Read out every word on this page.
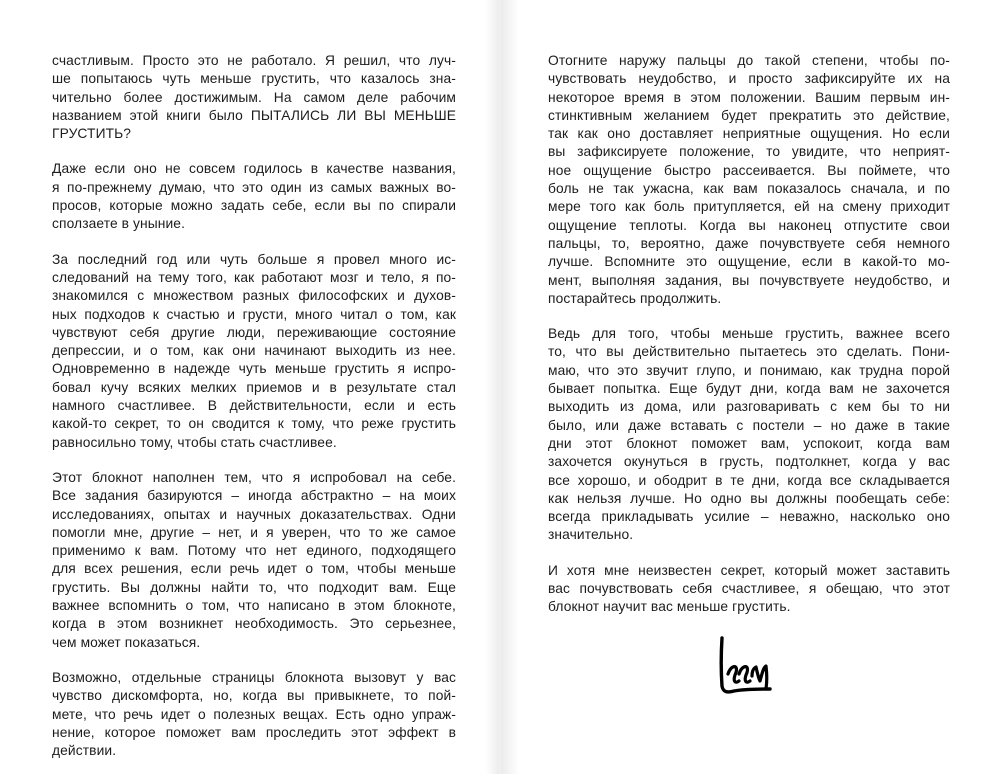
счастливым. Просто это не работало. Я решил, что луч-
ше попытаюсь чуть меньше грустить, что казалось зна-
чительно более достижимым. На самом деле рабочим
названием этой книги было ПЫТАЛИСЬ ЛИ ВЫ МЕНЬШЕ
ГРУСТИТЬ?

Даже если оно не совсем годилось в качестве названия,
я по-прежнему думаю, что это один из самых важных во-
просов, которые можно задать себе, если вы по спирали
сползаете в уныние.

За последний год или чуть больше я провел много ис-
следований на тему того, как работают мозг и тело, я по-
знакомился с множеством разных философских и духов-
ных подходов к счастью и грусти, много читал о том, как
чувствуют себя другие люди, переживающие состояние
депрессии, и о том, как они начинают выходить из нее.
Одновременно в надежде чуть меньше грустить я испро-
бовал кучу всяких мелких приемов и в результате стал
намного счастливее. В действительности, если и есть
какой-то секрет, то он сводится к тому, что реже грустить
равносильно тому, чтобы стать счастливее.

Этот блокнот наполнен тем, что я испробовал на себе.
Все задания базируются – иногда абстрактно – на моих
исследованиях, опытах и научных доказательствах. Одни
помогли мне, другие – нет, и я уверен, что то же самое
применимо к вам. Потому что нет единого, подходящего
для всех решения, если речь идет о том, чтобы меньше
грустить. Вы должны найти то, что подходит вам. Еще
важнее вспомнить о том, что написано в этом блокноте,
когда в этом возникнет необходимость. Это серьезнее,
чем может показаться.

Возможно, отдельные страницы блокнота вызовут у вас
чувство дискомфорта, но, когда вы привыкнете, то пой-
мете, что речь идет о полезных вещах. Есть одно упраж-
нение, которое поможет вам проследить этот эффект в
действии.

Отогните наружу пальцы до такой степени, чтобы по-
чувствовать неудобство, и просто зафиксируйте их на
некоторое время в этом положении. Вашим первым ин-
стинктивным желанием будет прекратить это действие,
так как оно доставляет неприятные ощущения. Но если
вы зафиксируете положение, то увидите, что неприят-
ное ощущение быстро рассеивается. Вы поймете, что
боль не так ужасна, как вам показалось сначала, и по
мере того как боль притупляется, ей на смену приходит
ощущение теплоты. Когда вы наконец отпустите свои
пальцы, то, вероятно, даже почувствуете себя немного
лучше. Вспомните это ощущение, если в какой-то мо-
мент, выполняя задания, вы почувствуете неудобство, и
постарайтесь продолжить.

Ведь для того, чтобы меньше грустить, важнее всего
то, что вы действительно пытаетесь это сделать. Пони-
маю, что это звучит глупо, и понимаю, как трудна порой
бывает попытка. Еще будут дни, когда вам не захочется
выходить из дома, или разговаривать с кем бы то ни
было, или даже вставать с постели – но даже в такие
дни этот блокнот поможет вам, успокоит, когда вам
захочется окунуться в грусть, подтолкнет, когда у вас
все хорошо, и ободрит в те дни, когда все складывается
как нельзя лучше. Но одно вы должны пообещать себе:
всегда прикладывать усилие – неважно, насколько оно
значительно.

И хотя мне неизвестен секрет, который может заставить
вас почувствовать себя счастливее, я обещаю, что этот
блокнот научит вас меньше грустить.
